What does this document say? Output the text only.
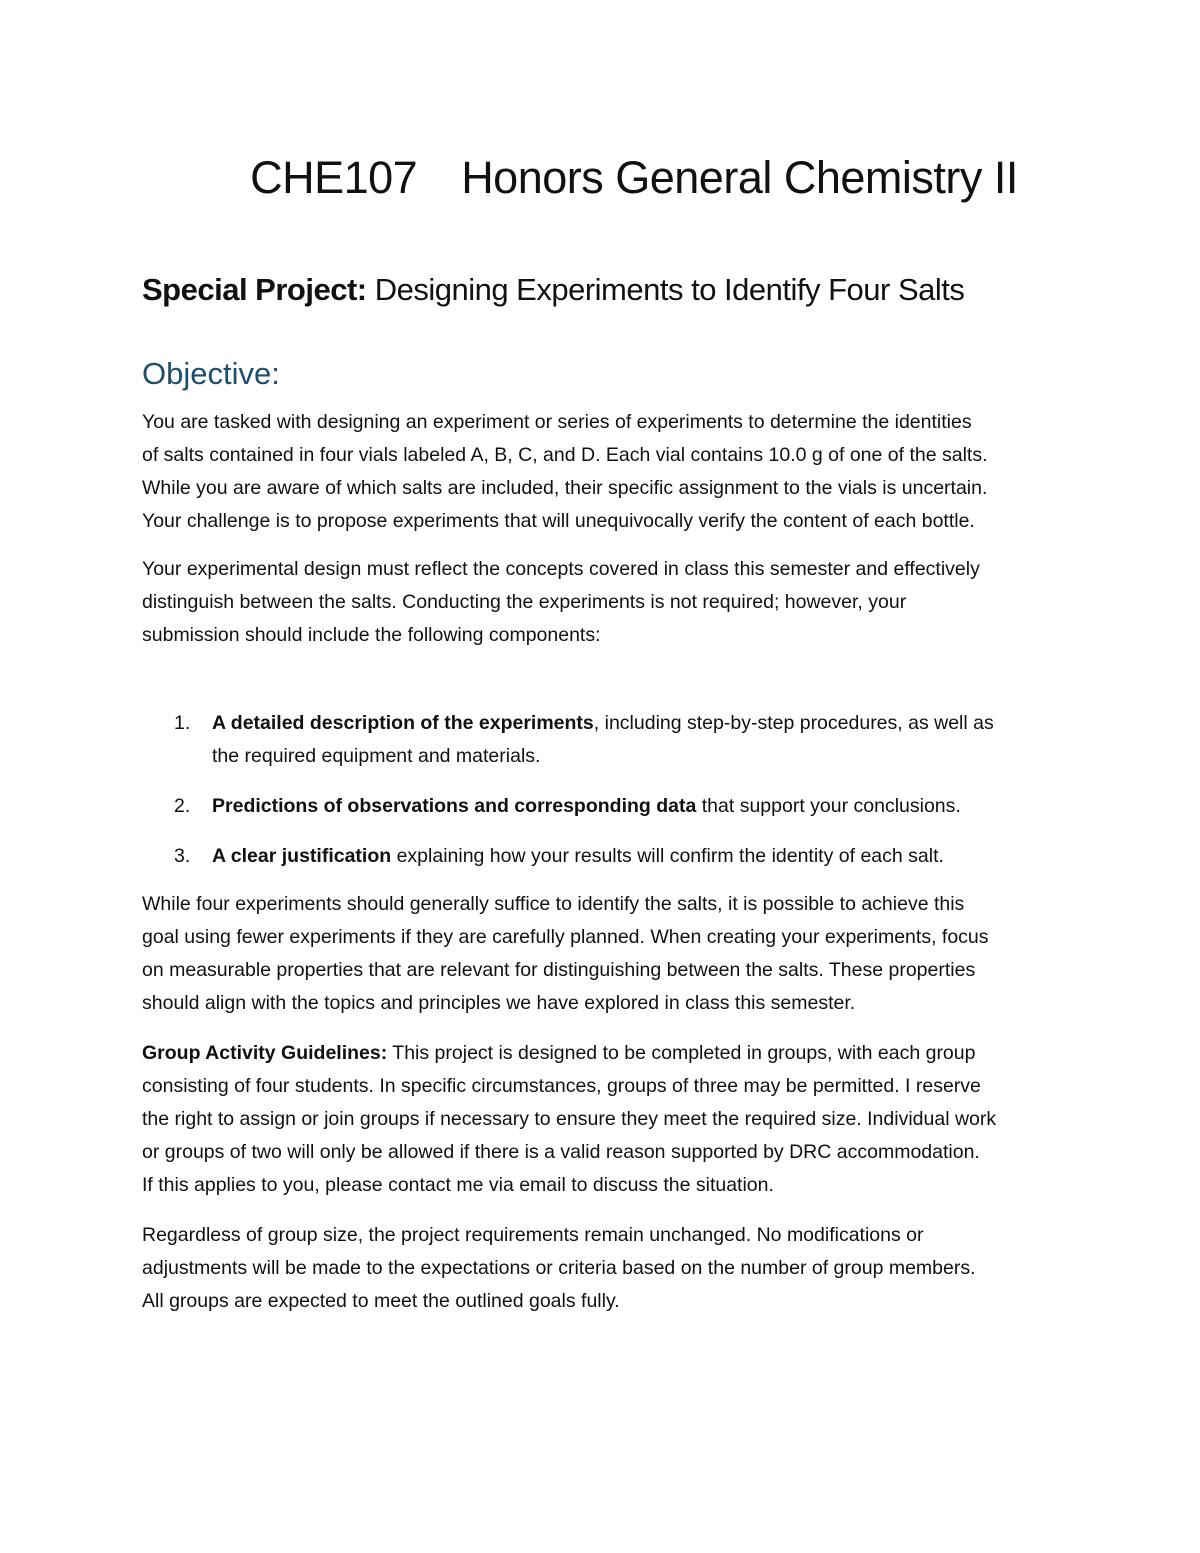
CHE107 Honors General Chemistry II
Special Project: Designing Experiments to Identify Four Salts
Objective:

You are tasked with designing an experiment or series of experiments to determine the identities
of salts contained in four vials labeled A, B, C, and D. Each vial contains 10.0 g of one of the salts.
While you are aware of which salts are included, their specific assignment to the vials is uncertain.
Your challenge is to propose experiments that will unequivocally verify the content of each bottle.

Your experimental design must reflect the concepts covered in class this semester and effectively
distinguish between the salts. Conducting the experiments is not required; however, your
submission should include the following components:

1. A detailed description of the experiments, including step-by-step procedures, as well as
the required equipment and materials.
2. Predictions of observations and corresponding data that support your conclusions.
3. A clear justification explaining how your results will confirm the identity of each salt.

While four experiments should generally suffice to identify the salts, it is possible to achieve this
goal using fewer experiments if they are carefully planned. When creating your experiments, focus
on measurable properties that are relevant for distinguishing between the salts. These properties
should align with the topics and principles we have explored in class this semester.

Group Activity Guidelines: This project is designed to be completed in groups, with each group
consisting of four students. In specific circumstances, groups of three may be permitted. I reserve
the right to assign or join groups if necessary to ensure they meet the required size. Individual work
or groups of two will only be allowed if there is a valid reason supported by DRC accommodation.
If this applies to you, please contact me via email to discuss the situation.

Regardless of group size, the project requirements remain unchanged. No modifications or
adjustments will be made to the expectations or criteria based on the number of group members.
All groups are expected to meet the outlined goals fully.
